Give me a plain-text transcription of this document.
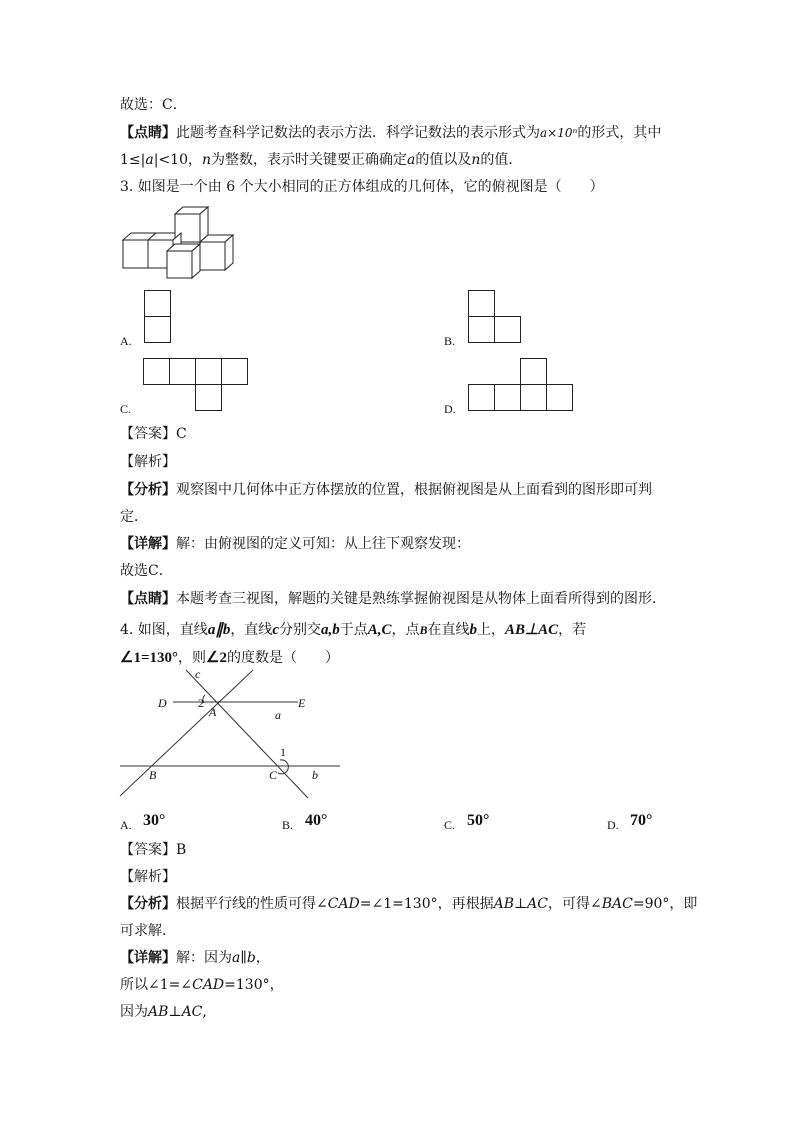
故选：C．
【点睛】此题考查科学记数法的表示方法．科学记数法的表示形式为a×10ⁿ的形式，其中
1≤|a|<10，n为整数，表示时关键要正确确定a的值以及n的值．
3. 如图是一个由 6 个大小相同的正方体组成的几何体，它的俯视图是（　　）
A.	B.
C.	D.
【答案】C
【解析】
【分析】观察图中几何体中正方体摆放的位置，根据俯视图是从上面看到的图形即可判
定．
【详解】解：由俯视图的定义可知：从上往下观察发现：
故选C．
【点睛】本题考查三视图，解题的关键是熟练掌握俯视图是从物体上面看所得到的图形．
4. 如图，直线a∥b，直线c分别交a,b于点A,C，点B在直线b上，AB⊥AC，若
∠1=130°，则∠2的度数是（　　）
c
D	E
2
A	a
1
B	C	b
A. 30°	B. 40°	C. 50°	D. 70°
【答案】B
【解析】
【分析】根据平行线的性质可得∠CAD=∠1=130°，再根据AB⊥AC，可得∠BAC=90°，即
可求解．
【详解】解：因为a∥b，
所以∠1=∠CAD=130°，
因为AB⊥AC,
